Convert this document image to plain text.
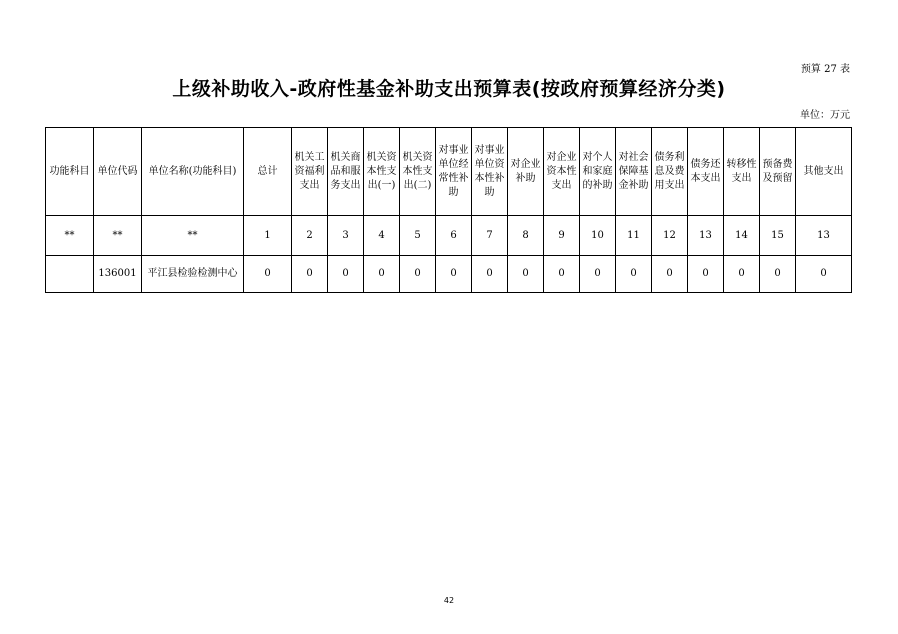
预算 27 表
上级补助收入-政府性基金补助支出预算表(按政府预算经济分类)
单位：万元
功能科目	单位代码	单位名称(功能科目)	总计	机关工资福利支出	机关商品和服务支出	机关资本性支出(一)	机关资本性支出(二)	对事业单位经常性补助	对事业单位资本性补助	对企业补助	对企业资本性支出	对个人和家庭的补助	对社会保障基金补助	债务利息及费用支出	债务还本支出	转移性支出	预备费及预留	其他支出

**	**	**	1	2	3	4	5	6	7	8	9	10	11	12	13	14	15	13
	136001	平江县检验检测中心	0	0	0	0	0	0	0	0	0	0	0	0	0	0	0	0
42
